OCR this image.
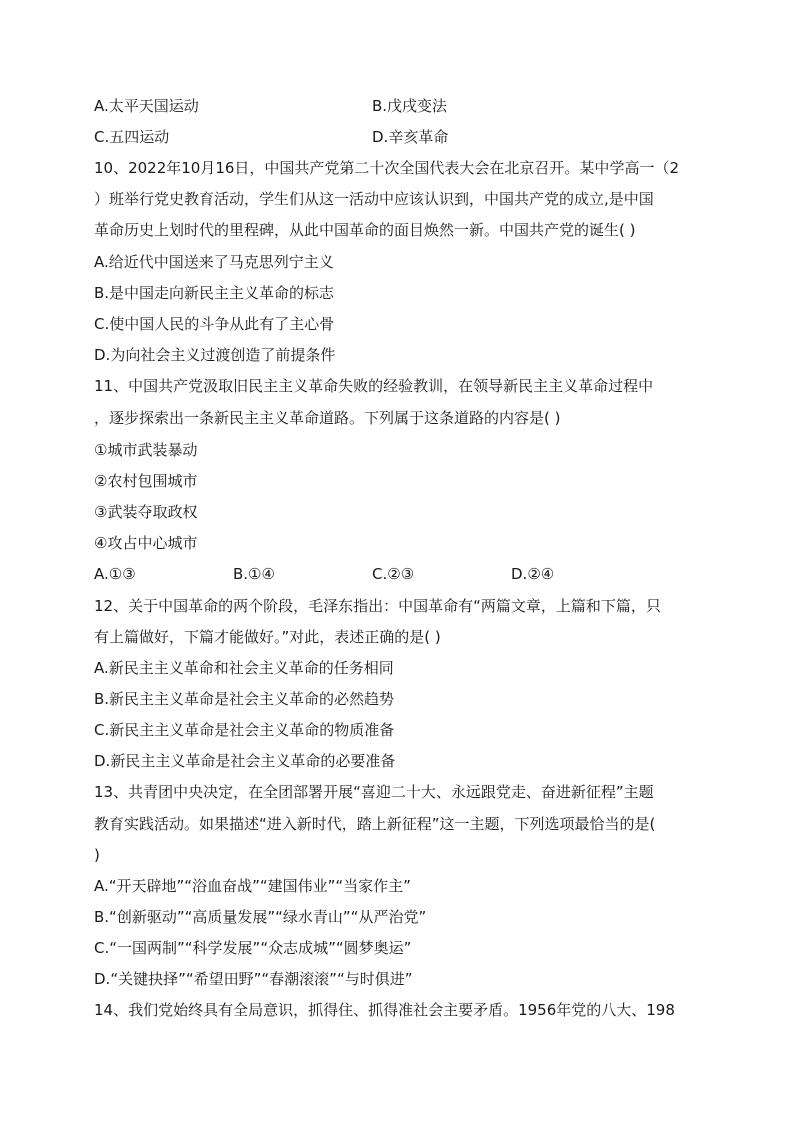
A.太平天国运动	B.戊戌变法
C.五四运动	D.辛亥革命
10、2022年10月16日，中国共产党第二十次全国代表大会在北京召开。某中学高一（2
）班举行党史教育活动，学生们从这一活动中应该认识到，中国共产党的成立,是中国
革命历史上划时代的里程碑，从此中国革命的面目焕然一新。中国共产党的诞生( )
A.给近代中国送来了马克思列宁主义
B.是中国走向新民主主义革命的标志
C.使中国人民的斗争从此有了主心骨
D.为向社会主义过渡创造了前提条件
11、中国共产党汲取旧民主主义革命失败的经验教训，在领导新民主主义革命过程中
，逐步探索出一条新民主主义革命道路。下列属于这条道路的内容是( )
①城市武装暴动
②农村包围城市
③武装夺取政权
④攻占中心城市
A.①③	B.①④	C.②③	D.②④
12、关于中国革命的两个阶段，毛泽东指出：中国革命有“两篇文章，上篇和下篇，只
有上篇做好，下篇才能做好。”对此，表述正确的是( )
A.新民主主义革命和社会主义革命的任务相同
B.新民主主义革命是社会主义革命的必然趋势
C.新民主主义革命是社会主义革命的物质准备
D.新民主主义革命是社会主义革命的必要准备
13、共青团中央决定，在全团部署开展“喜迎二十大、永远跟党走、奋进新征程”主题
教育实践活动。如果描述“进入新时代，踏上新征程”这一主题，下列选项最恰当的是(
)
A.“开天辟地”“浴血奋战”“建国伟业”“当家作主”
B.“创新驱动”“高质量发展”“绿水青山”“从严治党”
C.“一国两制”“科学发展”“众志成城”“圆梦奥运”
D.“关键抉择”“希望田野”“春潮滚滚”“与时俱进”
14、我们党始终具有全局意识，抓得住、抓得准社会主要矛盾。1956年党的八大、198
